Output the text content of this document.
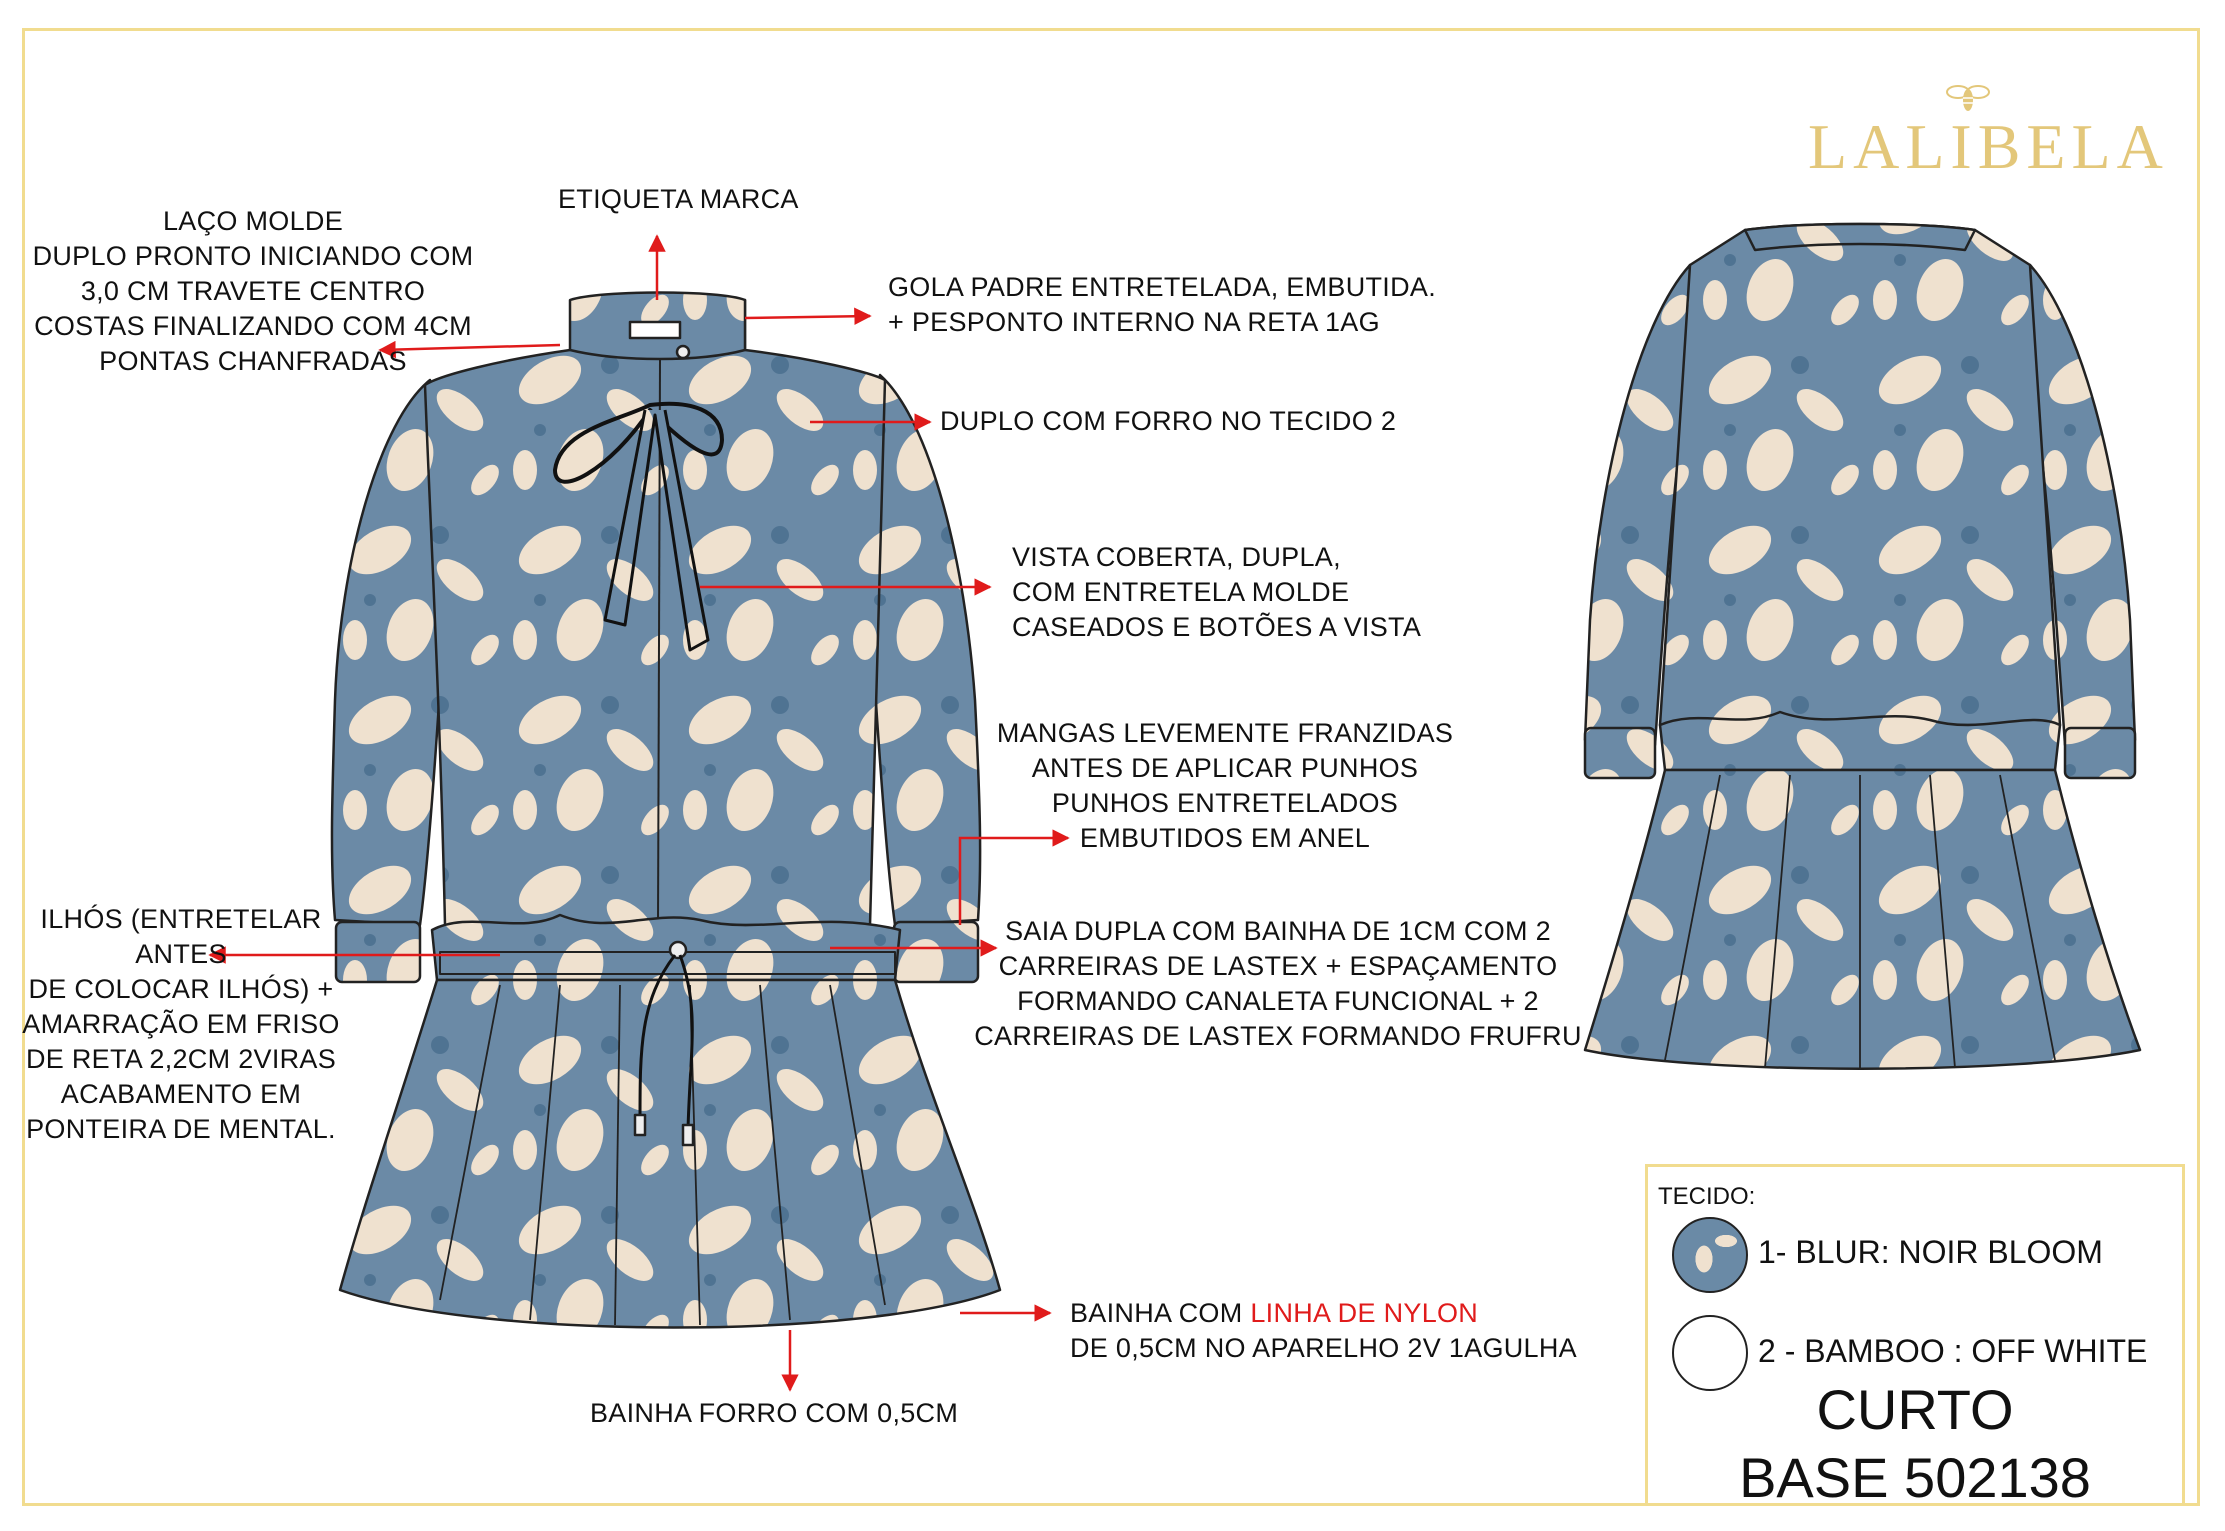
LALIBELA
LAÇO MOLDE
DUPLO PRONTO INICIANDO COM
3,0 CM TRAVETE CENTRO
COSTAS FINALIZANDO COM 4CM
PONTAS CHANFRADAS
ETIQUETA MARCA
GOLA PADRE ENTRETELADA, EMBUTIDA.
+ PESPONTO INTERNO NA RETA 1AG
DUPLO COM FORRO NO TECIDO 2
VISTA COBERTA, DUPLA,
COM ENTRETELA MOLDE
CASEADOS E BOTÕES A VISTA
MANGAS LEVEMENTE FRANZIDAS
ANTES DE APLICAR PUNHOS
PUNHOS ENTRETELADOS
EMBUTIDOS EM ANEL
ILHÓS (ENTRETELAR
ANTES
DE COLOCAR ILHÓS) +
AMARRAÇÃO EM FRISO
DE RETA 2,2CM 2VIRAS
ACABAMENTO EM
PONTEIRA DE MENTAL.
SAIA DUPLA COM BAINHA DE 1CM COM 2
CARREIRAS DE LASTEX + ESPAÇAMENTO
FORMANDO CANALETA FUNCIONAL + 2
CARREIRAS DE LASTEX FORMANDO FRUFRU
BAINHA COM LINHA DE NYLON
DE 0,5CM NO APARELHO 2V 1AGULHA
BAINHA FORRO COM 0,5CM
TECIDO:
1- BLUR: NOIR BLOOM
2 - BAMBOO : OFF WHITE
CURTO
BASE 502138
